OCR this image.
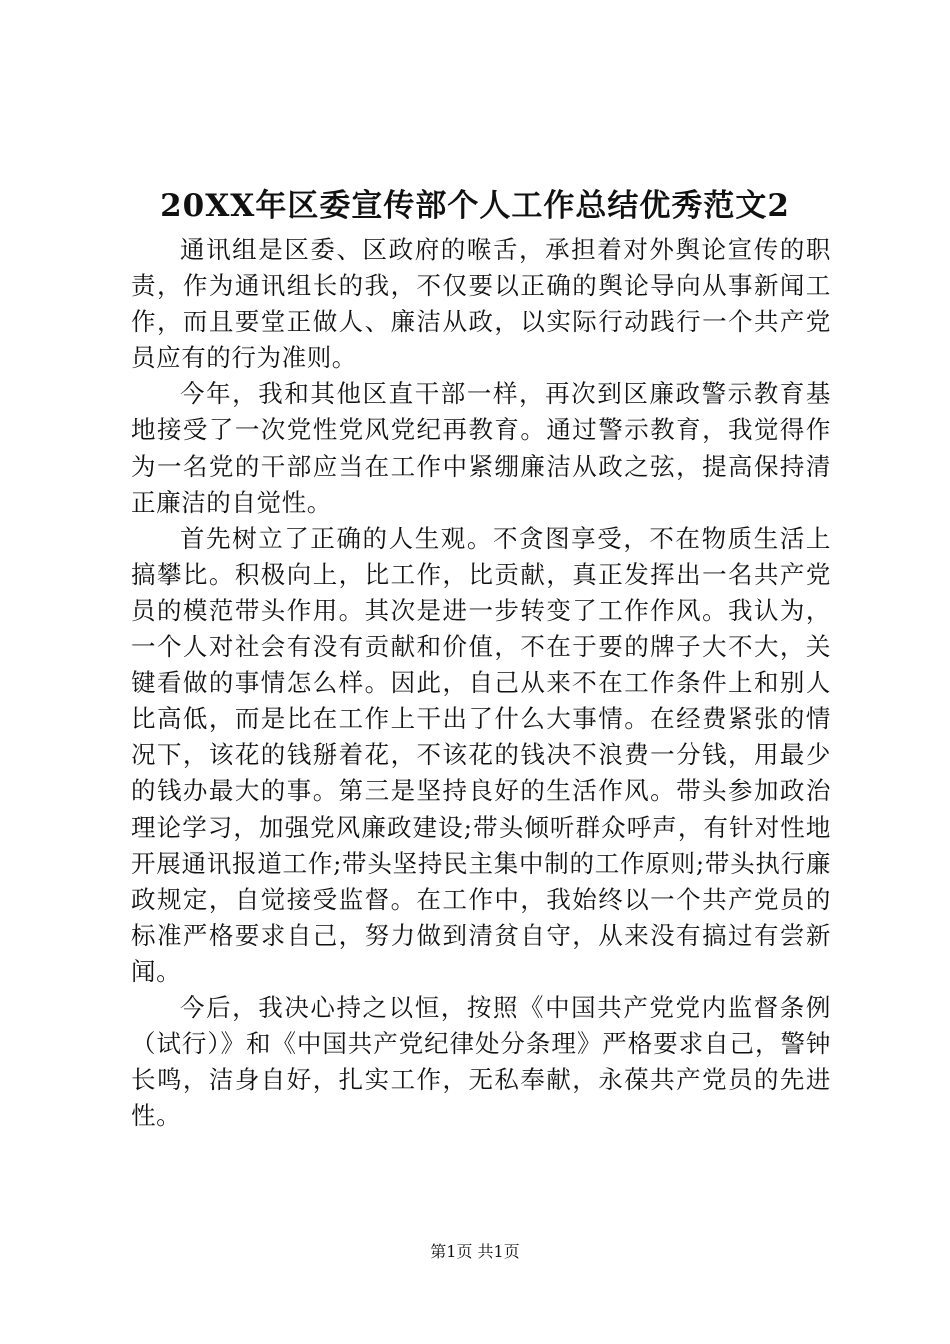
20XX年区委宣传部个人工作总结优秀范文2

通讯组是区委、区政府的喉舌，承担着对外舆论宣传的职责，作为通讯组长的我，不仅要以正确的舆论导向从事新闻工作，而且要堂正做人、廉洁从政，以实际行动践行一个共产党员应有的行为准则。

今年，我和其他区直干部一样，再次到区廉政警示教育基地接受了一次党性党风党纪再教育。通过警示教育，我觉得作为一名党的干部应当在工作中紧绷廉洁从政之弦，提高保持清正廉洁的自觉性。

首先树立了正确的人生观。不贪图享受，不在物质生活上搞攀比。积极向上，比工作，比贡献，真正发挥出一名共产党员的模范带头作用。其次是进一步转变了工作作风。我认为，一个人对社会有没有贡献和价值，不在于要的牌子大不大，关键看做的事情怎么样。因此，自己从来不在工作条件上和别人比高低，而是比在工作上干出了什么大事情。在经费紧张的情况下，该花的钱掰着花，不该花的钱决不浪费一分钱，用最少的钱办最大的事。第三是坚持良好的生活作风。带头参加政治理论学习，加强党风廉政建设;带头倾听群众呼声，有针对性地开展通讯报道工作;带头坚持民主集中制的工作原则;带头执行廉政规定，自觉接受监督。在工作中，我始终以一个共产党员的标准严格要求自己，努力做到清贫自守，从来没有搞过有尝新闻。

今后，我决心持之以恒，按照《中国共产党党内监督条例（试行）》和《中国共产党纪律处分条理》严格要求自己，警钟长鸣，洁身自好，扎实工作，无私奉献，永葆共产党员的先进性。

第1页 共1页
